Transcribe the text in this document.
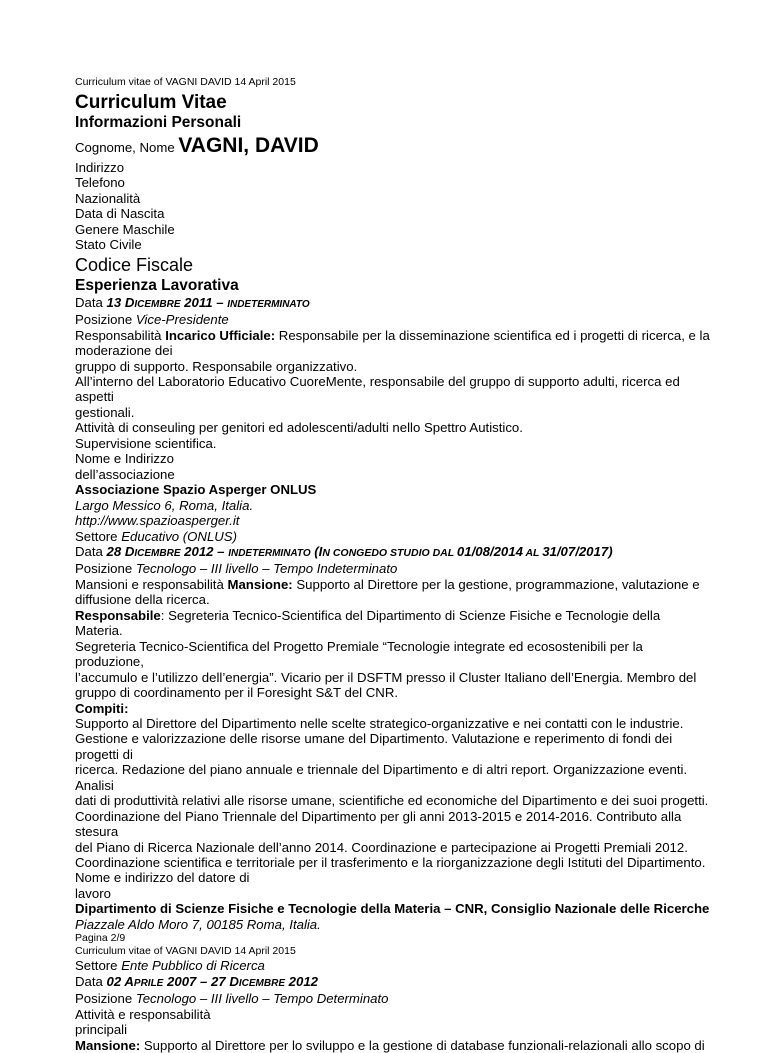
Curriculum vitae of VAGNI DAVID 14 April 2015
Curriculum Vitae
Informazioni Personali
Cognome, Nome VAGNI, DAVID
Indirizzo
Telefono
Nazionalità
Data di Nascita
Genere Maschile
Stato Civile
Codice Fiscale
Esperienza Lavorativa
Data 13 DICEMBRE 2011 – INDETERMINATO
Posizione Vice-Presidente
Responsabilità Incarico Ufficiale: Responsabile per la disseminazione scientifica ed i progetti di ricerca, e la
moderazione dei
gruppo di supporto. Responsabile organizzativo.
All’interno del Laboratorio Educativo CuoreMente, responsabile del gruppo di supporto adulti, ricerca ed
aspetti
gestionali.
Attività di conseuling per genitori ed adolescenti/adulti nello Spettro Autistico.
Supervisione scientifica.
Nome e Indirizzo
dell’associazione
Associazione Spazio Asperger ONLUS
Largo Messico 6, Roma, Italia.
http://www.spazioasperger.it
Settore Educativo (ONLUS)
Data 28 DICEMBRE 2012 – INDETERMINATO (IN CONGEDO STUDIO DAL 01/08/2014 AL 31/07/2017)
Posizione Tecnologo – III livello – Tempo Indeterminato
Mansioni e responsabilità Mansione: Supporto al Direttore per la gestione, programmazione, valutazione e
diffusione della ricerca.
Responsabile: Segreteria Tecnico-Scientifica del Dipartimento di Scienze Fisiche e Tecnologie della
Materia.
Segreteria Tecnico-Scientifica del Progetto Premiale “Tecnologie integrate ed ecosostenibili per la
produzione,
l’accumulo e l’utilizzo dell’energia”. Vicario per il DSFTM presso il Cluster Italiano dell’Energia. Membro del
gruppo di coordinamento per il Foresight S&T del CNR.
Compiti:
Supporto al Direttore del Dipartimento nelle scelte strategico-organizzative e nei contatti con le industrie.
Gestione e valorizzazione delle risorse umane del Dipartimento. Valutazione e reperimento di fondi dei
progetti di
ricerca. Redazione del piano annuale e triennale del Dipartimento e di altri report. Organizzazione eventi.
Analisi
dati di produttività relativi alle risorse umane, scientifiche ed economiche del Dipartimento e dei suoi progetti.
Coordinazione del Piano Triennale del Dipartimento per gli anni 2013-2015 e 2014-2016. Contributo alla
stesura
del Piano di Ricerca Nazionale dell’anno 2014. Coordinazione e partecipazione ai Progetti Premiali 2012.
Coordinazione scientifica e territoriale per il trasferimento e la riorganizzazione degli Istituti del Dipartimento.
Nome e indirizzo del datore di
lavoro
Dipartimento di Scienze Fisiche e Tecnologie della Materia – CNR, Consiglio Nazionale delle Ricerche
Piazzale Aldo Moro 7, 00185 Roma, Italia.
Pagina 2/9
Curriculum vitae of VAGNI DAVID 14 April 2015
Settore Ente Pubblico di Ricerca
Data 02 APRILE 2007 – 27 DICEMBRE 2012
Posizione Tecnologo – III livello – Tempo Determinato
Attività e responsabilità
principali
Mansione: Supporto al Direttore per lo sviluppo e la gestione di database funzionali-relazionali allo scopo di
